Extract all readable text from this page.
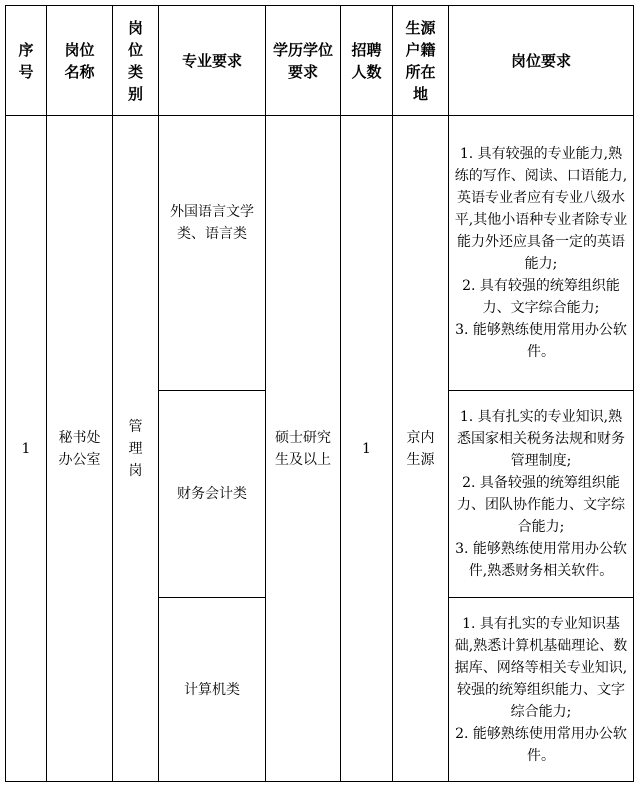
序号	岗位名称	岗位类别	专业要求	学历学位要求	招聘人数	生源户籍所在地	岗位要求
1	秘书处办公室	管理岗	外国语言文学类、语言类	硕士研究生及以上	1	京内生源	1. 具有较强的专业能力,熟练的写作、阅读、口语能力,英语专业者应有专业八级水平,其他小语种专业者除专业能力外还应具备一定的英语能力;
2. 具有较强的统筹组织能力、文字综合能力;
3. 能够熟练使用常用办公软件。

			财务会计类				1. 具有扎实的专业知识,熟悉国家相关税务法规和财务管理制度;
2. 具备较强的统筹组织能力、团队协作能力、文字综合能力;
3. 能够熟练使用常用办公软件,熟悉财务相关软件。

			计算机类				1. 具有扎实的专业知识基础,熟悉计算机基础理论、数据库、网络等相关专业知识,较强的统筹组织能力、文字综合能力;
2. 能够熟练使用常用办公软件。
